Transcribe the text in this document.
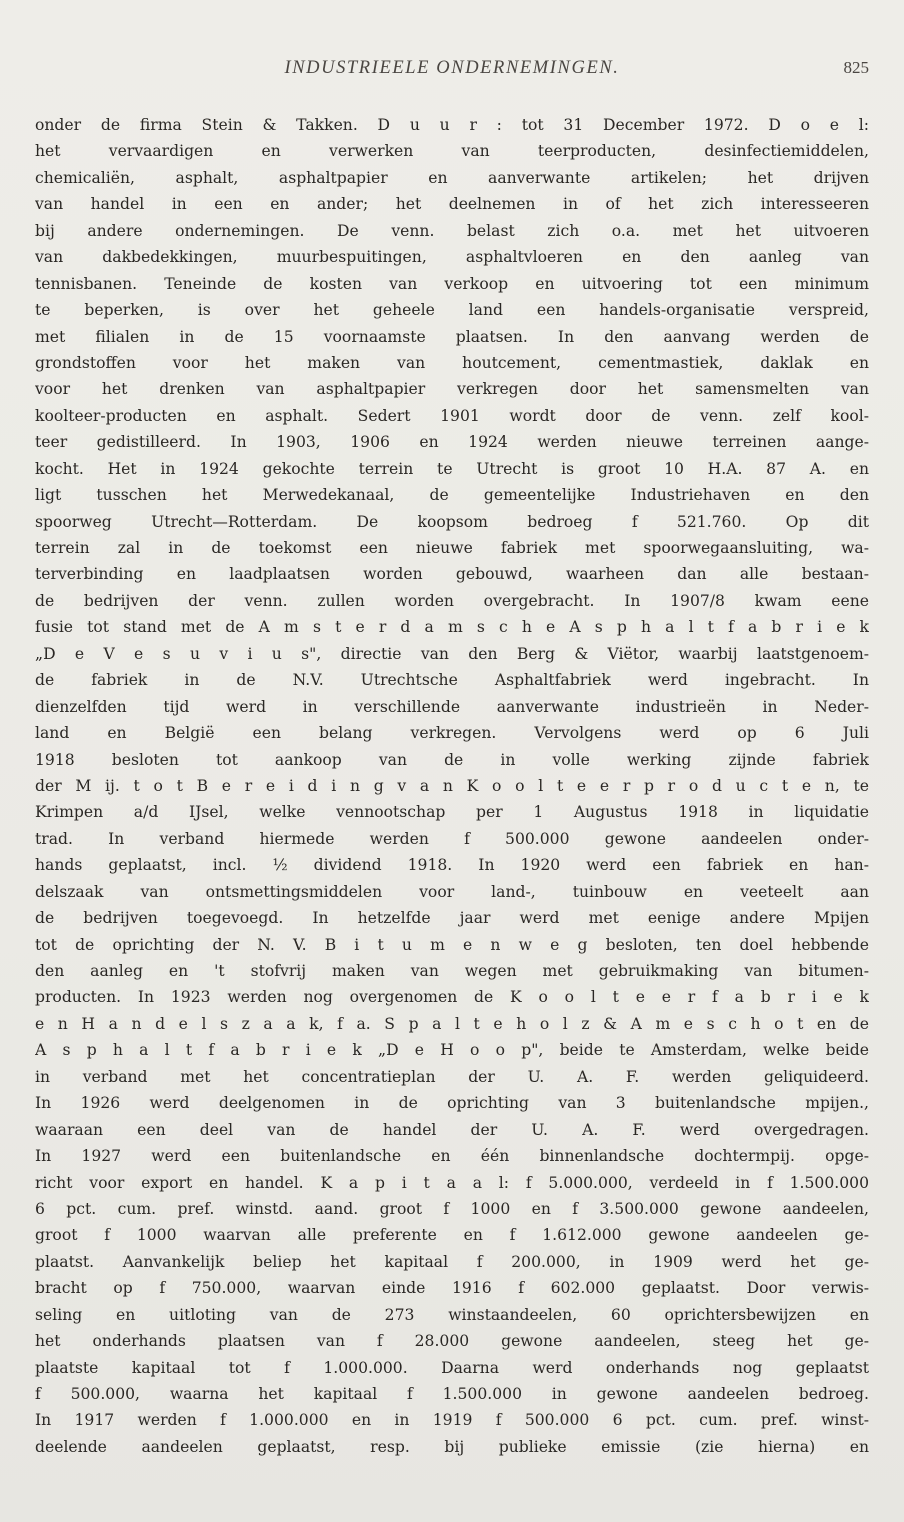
INDUSTRIEELE ONDERNEMINGEN.	825
onder de firma Stein & Takken. D u u r : tot 31 December 1972. D o e l:
het vervaardigen en verwerken van teerproducten, desinfectiemiddelen,
chemicaliën, asphalt, asphaltpapier en aanverwante artikelen; het drijven
van handel in een en ander; het deelnemen in of het zich interesseeren
bij andere ondernemingen. De venn. belast zich o.a. met het uitvoeren
van dakbedekkingen, muurbespuitingen, asphaltvloeren en den aanleg van
tennisbanen. Teneinde de kosten van verkoop en uitvoering tot een minimum
te beperken, is over het geheele land een handels-organisatie verspreid,
met filialen in de 15 voornaamste plaatsen. In den aanvang werden de
grondstoffen voor het maken van houtcement, cementmastiek, daklak en
voor het drenken van asphaltpapier verkregen door het samensmelten van
koolteer-producten en asphalt. Sedert 1901 wordt door de venn. zelf kool-
teer gedistilleerd. In 1903, 1906 en 1924 werden nieuwe terreinen aange-
kocht. Het in 1924 gekochte terrein te Utrecht is groot 10 H.A. 87 A. en
ligt tusschen het Merwedekanaal, de gemeentelijke Industriehaven en den
spoorweg Utrecht—Rotterdam. De koopsom bedroeg f 521.760. Op dit
terrein zal in de toekomst een nieuwe fabriek met spoorwegaansluiting, wa-
terverbinding en laadplaatsen worden gebouwd, waarheen dan alle bestaan-
de bedrijven der venn. zullen worden overgebracht. In 1907/8 kwam eene
fusie tot stand met de A m s t e r d a m s c h e A s p h a l t f a b r i e k
„D e V e s u v i u s", directie van den Berg & Viëtor, waarbij laatstgenoem-
de fabriek in de N.V. Utrechtsche Asphaltfabriek werd ingebracht. In
dienzelfden tijd werd in verschillende aanverwante industrieën in Neder-
land en België een belang verkregen. Vervolgens werd op 6 Juli
1918 besloten tot aankoop van de in volle werking zijnde fabriek
der M ij. t o t B e r e i d i n g v a n K o o l t e e r p r o d u c t e n, te
Krimpen a/d IJsel, welke vennootschap per 1 Augustus 1918 in liquidatie
trad. In verband hiermede werden f 500.000 gewone aandeelen onder-
hands geplaatst, incl. ½ dividend 1918. In 1920 werd een fabriek en han-
delszaak van ontsmettingsmiddelen voor land-, tuinbouw en veeteelt aan
de bedrijven toegevoegd. In hetzelfde jaar werd met eenige andere Mpijen
tot de oprichting der N. V. B i t u m e n w e g besloten, ten doel hebbende
den aanleg en 't stofvrij maken van wegen met gebruikmaking van bitumen-
producten. In 1923 werden nog overgenomen de K o o l t e e r f a b r i e k
e n H a n d e l s z a a k, f a. S p a l t e h o l z & A m e s c h o t en de
A s p h a l t f a b r i e k „D e H o o p", beide te Amsterdam, welke beide
in verband met het concentratieplan der U. A. F. werden geliquideerd.
In 1926 werd deelgenomen in de oprichting van 3 buitenlandsche mpijen.,
waaraan een deel van de handel der U. A. F. werd overgedragen.
In 1927 werd een buitenlandsche en één binnenlandsche dochtermpij. opge-
richt voor export en handel. K a p i t a a l: f 5.000.000, verdeeld in f 1.500.000
6 pct. cum. pref. winstd. aand. groot f 1000 en f 3.500.000 gewone aandeelen,
groot f 1000 waarvan alle preferente en f 1.612.000 gewone aandeelen ge-
plaatst. Aanvankelijk beliep het kapitaal f 200.000, in 1909 werd het ge-
bracht op f 750.000, waarvan einde 1916 f 602.000 geplaatst. Door verwis-
seling en uitloting van de 273 winstaandeelen, 60 oprichtersbewijzen en
het onderhands plaatsen van f 28.000 gewone aandeelen, steeg het ge-
plaatste kapitaal tot f 1.000.000. Daarna werd onderhands nog geplaatst
f 500.000, waarna het kapitaal f 1.500.000 in gewone aandeelen bedroeg.
In 1917 werden f 1.000.000 en in 1919 f 500.000 6 pct. cum. pref. winst-
deelende aandeelen geplaatst, resp. bij publieke emissie (zie hierna) en
